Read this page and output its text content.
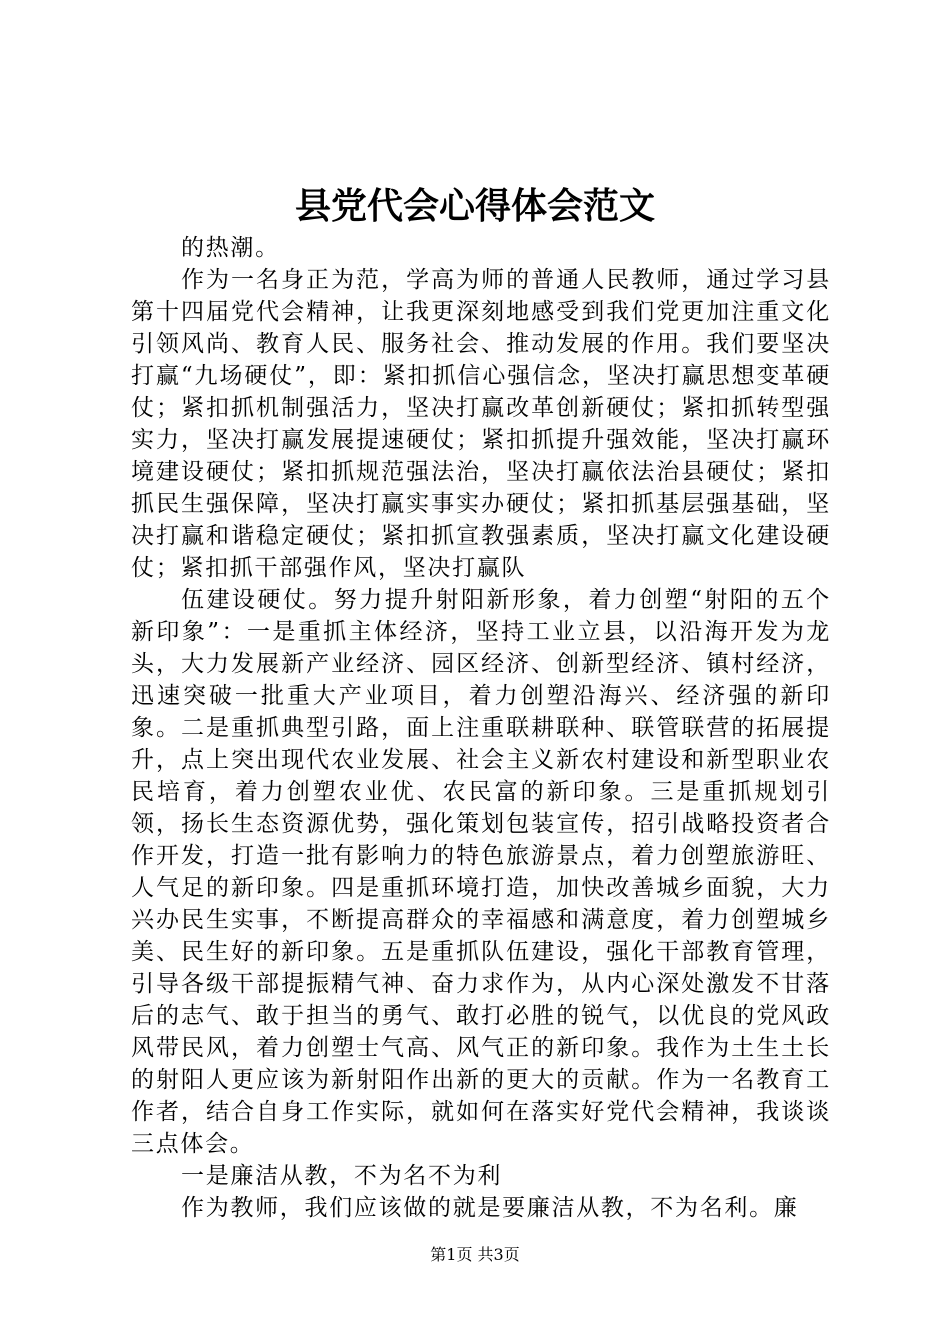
县党代会心得体会范文

的热潮。

作为一名身正为范，学高为师的普通人民教师，通过学习县第十四届党代会精神，让我更深刻地感受到我们党更加注重文化引领风尚、教育人民、服务社会、推动发展的作用。我们要坚决打赢“九场硬仗”，即：紧扣抓信心强信念，坚决打赢思想变革硬仗；紧扣抓机制强活力，坚决打赢改革创新硬仗；紧扣抓转型强实力，坚决打赢发展提速硬仗；紧扣抓提升强效能，坚决打赢环境建设硬仗；紧扣抓规范强法治，坚决打赢依法治县硬仗；紧扣抓民生强保障，坚决打赢实事实办硬仗；紧扣抓基层强基础，坚决打赢和谐稳定硬仗；紧扣抓宣教强素质，坚决打赢文化建设硬仗；紧扣抓干部强作风，坚决打赢队

伍建设硬仗。努力提升射阳新形象，着力创塑“射阳的五个新印象”：一是重抓主体经济，坚持工业立县，以沿海开发为龙头，大力发展新产业经济、园区经济、创新型经济、镇村经济，迅速突破一批重大产业项目，着力创塑沿海兴、经济强的新印象。二是重抓典型引路，面上注重联耕联种、联管联营的拓展提升，点上突出现代农业发展、社会主义新农村建设和新型职业农民培育，着力创塑农业优、农民富的新印象。三是重抓规划引领，扬长生态资源优势，强化策划包装宣传，招引战略投资者合作开发，打造一批有影响力的特色旅游景点，着力创塑旅游旺、人气足的新印象。四是重抓环境打造，加快改善城乡面貌，大力兴办民生实事，不断提高群众的幸福感和满意度，着力创塑城乡美、民生好的新印象。五是重抓队伍建设，强化干部教育管理，引导各级干部提振精气神、奋力求作为，从内心深处激发不甘落后的志气、敢于担当的勇气、敢打必胜的锐气，以优良的党风政风带民风，着力创塑士气高、风气正的新印象。我作为土生土长的射阳人更应该为新射阳作出新的更大的贡献。作为一名教育工作者，结合自身工作实际，就如何在落实好党代会精神，我谈谈三点体会。

一是廉洁从教，不为名不为利

作为教师，我们应该做的就是要廉洁从教，不为名利。廉

第1页 共3页
